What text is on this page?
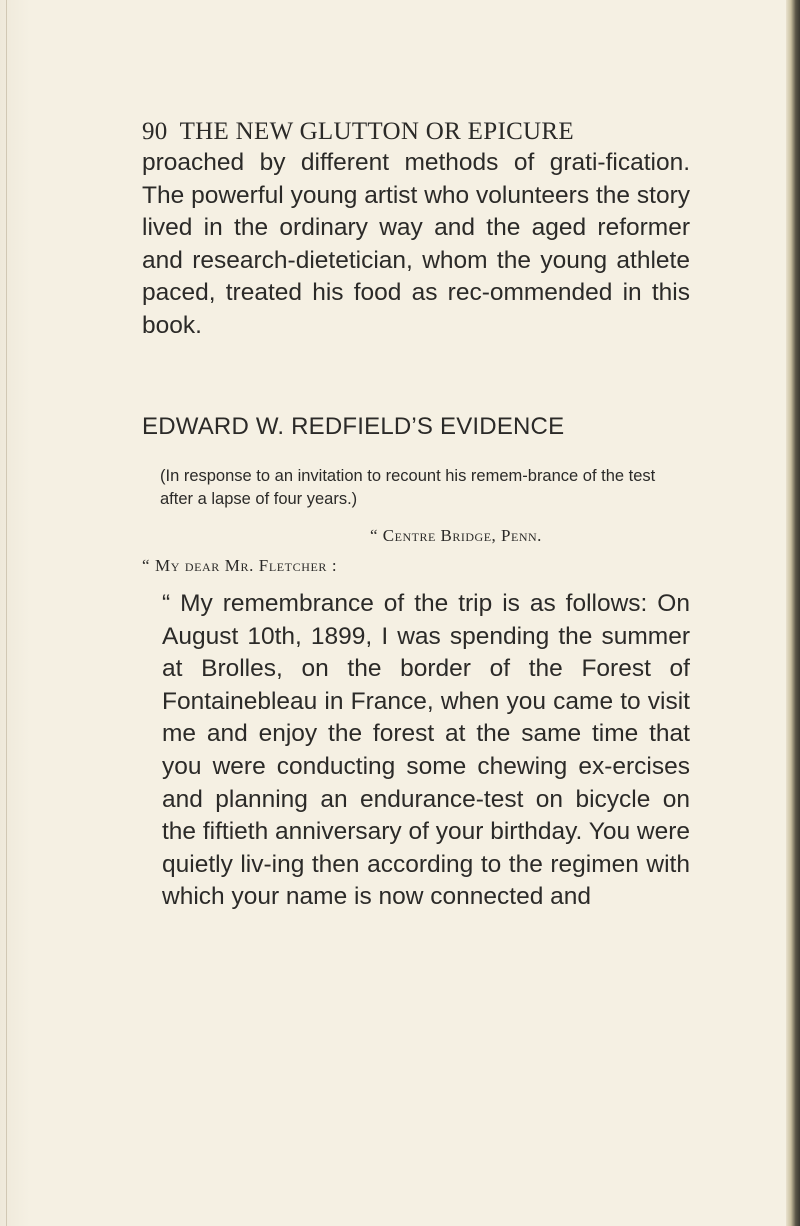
90 THE NEW GLUTTON OR EPICURE
proached by different methods of grati-fication. The powerful young artist who volunteers the story lived in the ordinary way and the aged reformer and research-dietetician, whom the young athlete paced, treated his food as rec-ommended in this book.
EDWARD W. REDFIELD’S EVIDENCE
(In response to an invitation to recount his remem-brance of the test after a lapse of four years.)
“ Centre Bridge, Penn.
“ My dear Mr. Fletcher :
“ My remembrance of the trip is as follows: On August 10th, 1899, I was spending the summer at Brolles, on the border of the Forest of Fontainebleau in France, when you came to visit me and enjoy the forest at the same time that you were conducting some chewing ex-ercises and planning an endurance-test on bicycle on the fiftieth anniversary of your birthday. You were quietly liv-ing then according to the regimen with which your name is now connected and
